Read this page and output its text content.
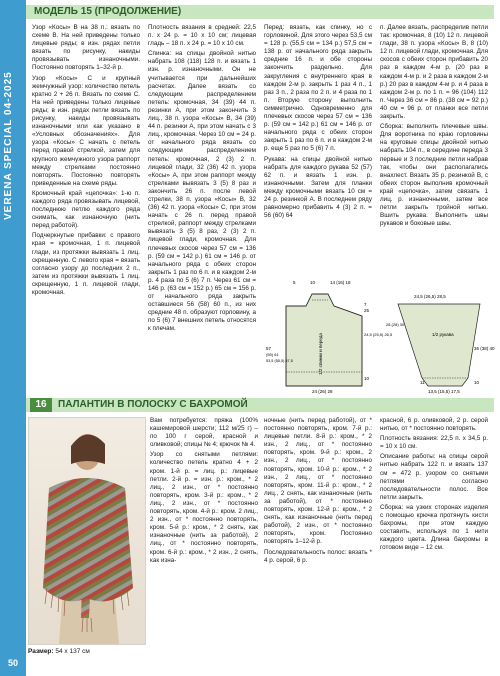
VERENA SPECIAL 04-2025
50
МОДЕЛЬ 15 (ПРОДОЛЖЕНИЕ)

Узор «Косы» В на 38 п.: вязать по схеме В. На ней приведены только лицевые ряды; в изн. рядах петли вязать по рисунку, накиды провязывать изнаночными. Постоянно повторять 1–32-й р.

Узор «Косы» С и крупный жемчужный узор: количество петель кратно 2 + 26 п. Вязать по схеме С. На ней приведены только лицевые ряды; в изн. рядах петли вязать по рисунку, накиды провязывать изнаночными или как указано в «Условных обозначениях». Для узора «Косы» С начать с петель перед правой стрелкой, затем для крупного жемчужного узора раппорт между стрелками постоянно повторять. Постоянно повторять приведенные на схеме ряды.

Кромочный край «цепочка»: 1-ю п. каждого ряда провязывать лицевой, последнюю петлю каждого ряда снимать, как изнаночную (нить перед работой).

Подчеркнутые прибавки: с правого края = кромочная, 1 п. лицевой глади, из протяжки вывязать 1 лиц. скрещенную. С левого края = вязать согласно узору до последних 2 п., затем из протяжки вывязать 1 лиц. скрещенную, 1 п. лицевой глади, кромочная.

Плотность вязания в средней: 22,5 п. x 24 р. = 10 x 10 см; лицевая гладь – 18 п. x 24 р. = 10 x 10 см.

Спинка: на спицы двойной нитью набрать 108 (118) 128 п. и вязать 1 изн. р. изнаночными. Он не учитывается при дальнейших расчетах. Далее вязать со следующим распределением петель: кромочная, 34 (39) 44 п. резинки А, при этом закончить 3 лиц., 38 п. узора «Косы» В, 34 (39) 44 п. резинки А, при этом начать с 3 лиц., кромочная. Через 10 см = 24 р. от начального ряда вязать со следующим распределением петель: кромочная, 2 (3) 2 п. лицевой глади, 32 (36) 42 п. узора «Косы» А, при этом раппорт между стрелками вывязать 3 (5) 8 раз и закончить 26 п. после левой стрелки, 38 п. узора «Косы» В, 32 (36) 42 п. узора «Косы» С, при этом начать с 26 п. перед правой стрелкой, раппорт между стрелками вывязать 3 (5) 8 раз, 2 (3) 2 п. лицевой глади, кромочная. Для плечевых скосов через 57 см = 136 р. (59 см = 142 р.) 61 см = 146 р. от начального ряда с обеих сторон закрыть 1 раз по 6 п. и в каждом 2-м р. 4 раза по 5 (6) 7 п. Через 61 см = 146 р. (63 см = 152 р.) 65 см = 156 р. от начального ряда закрыть оставшиеся 56 (58) 60 п., из них средние 48 п. образуют горловину, а по 5 (6) 7 внешних петель относятся к плечам.

Перед: вязать, как спинку, но с горловиной. Для этого через 53,5 см = 128 р. (55,5 см = 134 р.) 57,5 см = 138 р. от начального ряда закрыть средние 16 п. и обе стороны закончить раздельно. Для закругления с внутреннего края в каждом 2-м р. закрыть 1 раз 4 п., 1 раз 3 п., 2 раза по 2 п. и 4 раза по 1 п. Вторую сторону выполнить симметрично. Одновременно для плечевых скосов через 57 см = 136 р. (59 см = 142 р.) 61 см = 146 р. от начального ряда с обеих сторон закрыть 1 раз по 6 п. и в каждом 2-м р. еще 5 раз по 5 (6) 7 п.

Рукава: на спицы двойной нитью набрать для каждого рукава 52 (57) 62 п. и вязать 1 изн. р. изнаночными. Затем для планки между кромочными вязать 10 см = 24 р. резинкой А. В последнем ряду равномерно прибавить 4 (3) 2 п. = 56 (60) 64

п. Далее вязать, распределив петли так: кромочная, 8 (10) 12 п. лицевой глади, 38 п. узора «Косы» В, 8 (10) 12 п. лицевой глади, кромочная. Для скосов с обеих сторон прибавить 20 раз в каждом 4-м р. (20 раз в каждом 4-м р. и 2 раза в каждом 2-м р.) 20 раз в каждом 4-м р. и 4 раза в каждом 2-м р. по 1 п. = 96 (104) 112 п. Через 36 см = 86 р. (38 см = 92 р.) 40 см = 96 р. от планки все петли закрыть.

Сборка: выполнить плечевые швы. Для воротника по краю горловины на круговые спицы двойной нитью набрать 104 п., в середине переда 3 первые и 3 последние петли набрав так, чтобы они располагались внахлест. Вязать 35 р. резинкой В, с обеих сторон выполнив кромочный край «цепочка», затем связать 1 лиц. р. изнаночными, затем все петли закрыть тройной нитью. Вшить рукава. Выполнить швы рукавов и боковые швы.

5	10	14 (16) 18
25
24,5 (25,5) 26,5
7
57
(59) 61
53,5 (55,5) 57,5	1/2 спинки и переда
10
24 (26) 28
24,5 (26,5) 28,5
26 (28) 30
1/2 рукава
36 (38) 40
10
11
13,5 (15,5) 17,5
16	ПАЛАНТИН В ПОЛОСКУ С БАХРОМОЙ
Размер: 54 x 137 см

Вам потребуется: пряжа (100% кашемировой шерсти; 112 м/25 г) – по 100 г серой, красной и оливковой; спицы № 4; крючок № 4.

Узор со снятыми петлями: количество петель кратно 4 + 2 кром. 1-й р. = лиц. р.: лицевые петли. 2-й р. = изн. р.: кром., * 2 лиц., 2 изн., от * постоянно повторять, кром. 3-й р.: кром., * 2 лиц., 2 изн., от * постоянно повторять, кром. 4-й р.: кром. 2 лиц., 2 изн., от * постоянно повторять, кром. 5-й р.: кром., * 2 снять, как изнаночные (нить за работой), 2 лиц., от * постоянно повторять, кром. 6-й р.: кром., * 2 изн., 2 снять, как изна-

ночные (нить перед работой), от * постоянно повторять, кром. 7-й р.: лицевые петли. 8-й р.: кром., * 2 изн., 2 лиц., от * постоянно повторять, кром. 9-й р.: кром., 2 изн., 2 лиц., от * постоянно повторять, кром. 10-й р.: кром., * 2 изн., 2 лиц., от * постоянно повторять, кром. 11-й р.: кром., * 2 лиц., 2 снять, как изнаночные (нить за работой), от * постоянно повторять, кром. 12-й р.: кром., * 2 снять, как изнаночные (нить перед работой), 2 изн., от * постоянно повторять, кром. Постоянно повторять 1–12-й р.

Последовательность полос: вязать * 4 р. серой, 6 р.

красной, 6 р. оливковой, 2 р. серой нитью, от * постоянно повторять.

Плотность вязания: 22,5 п. x 34,5 р. = 10 x 10 см.

Описание работы: на спицы серой нитью набрать 122 п. и вязать 137 см = 472 р. узором со снятыми петлями согласно последовательности полос. Все петли закрыть.

Сборка: на узких сторонах изделия с помощью крючка протянуть кисти бахромы, при этом каждую составить, используя по 1 нити каждого цвета. Длина бахромы в готовом виде – 12 см.
